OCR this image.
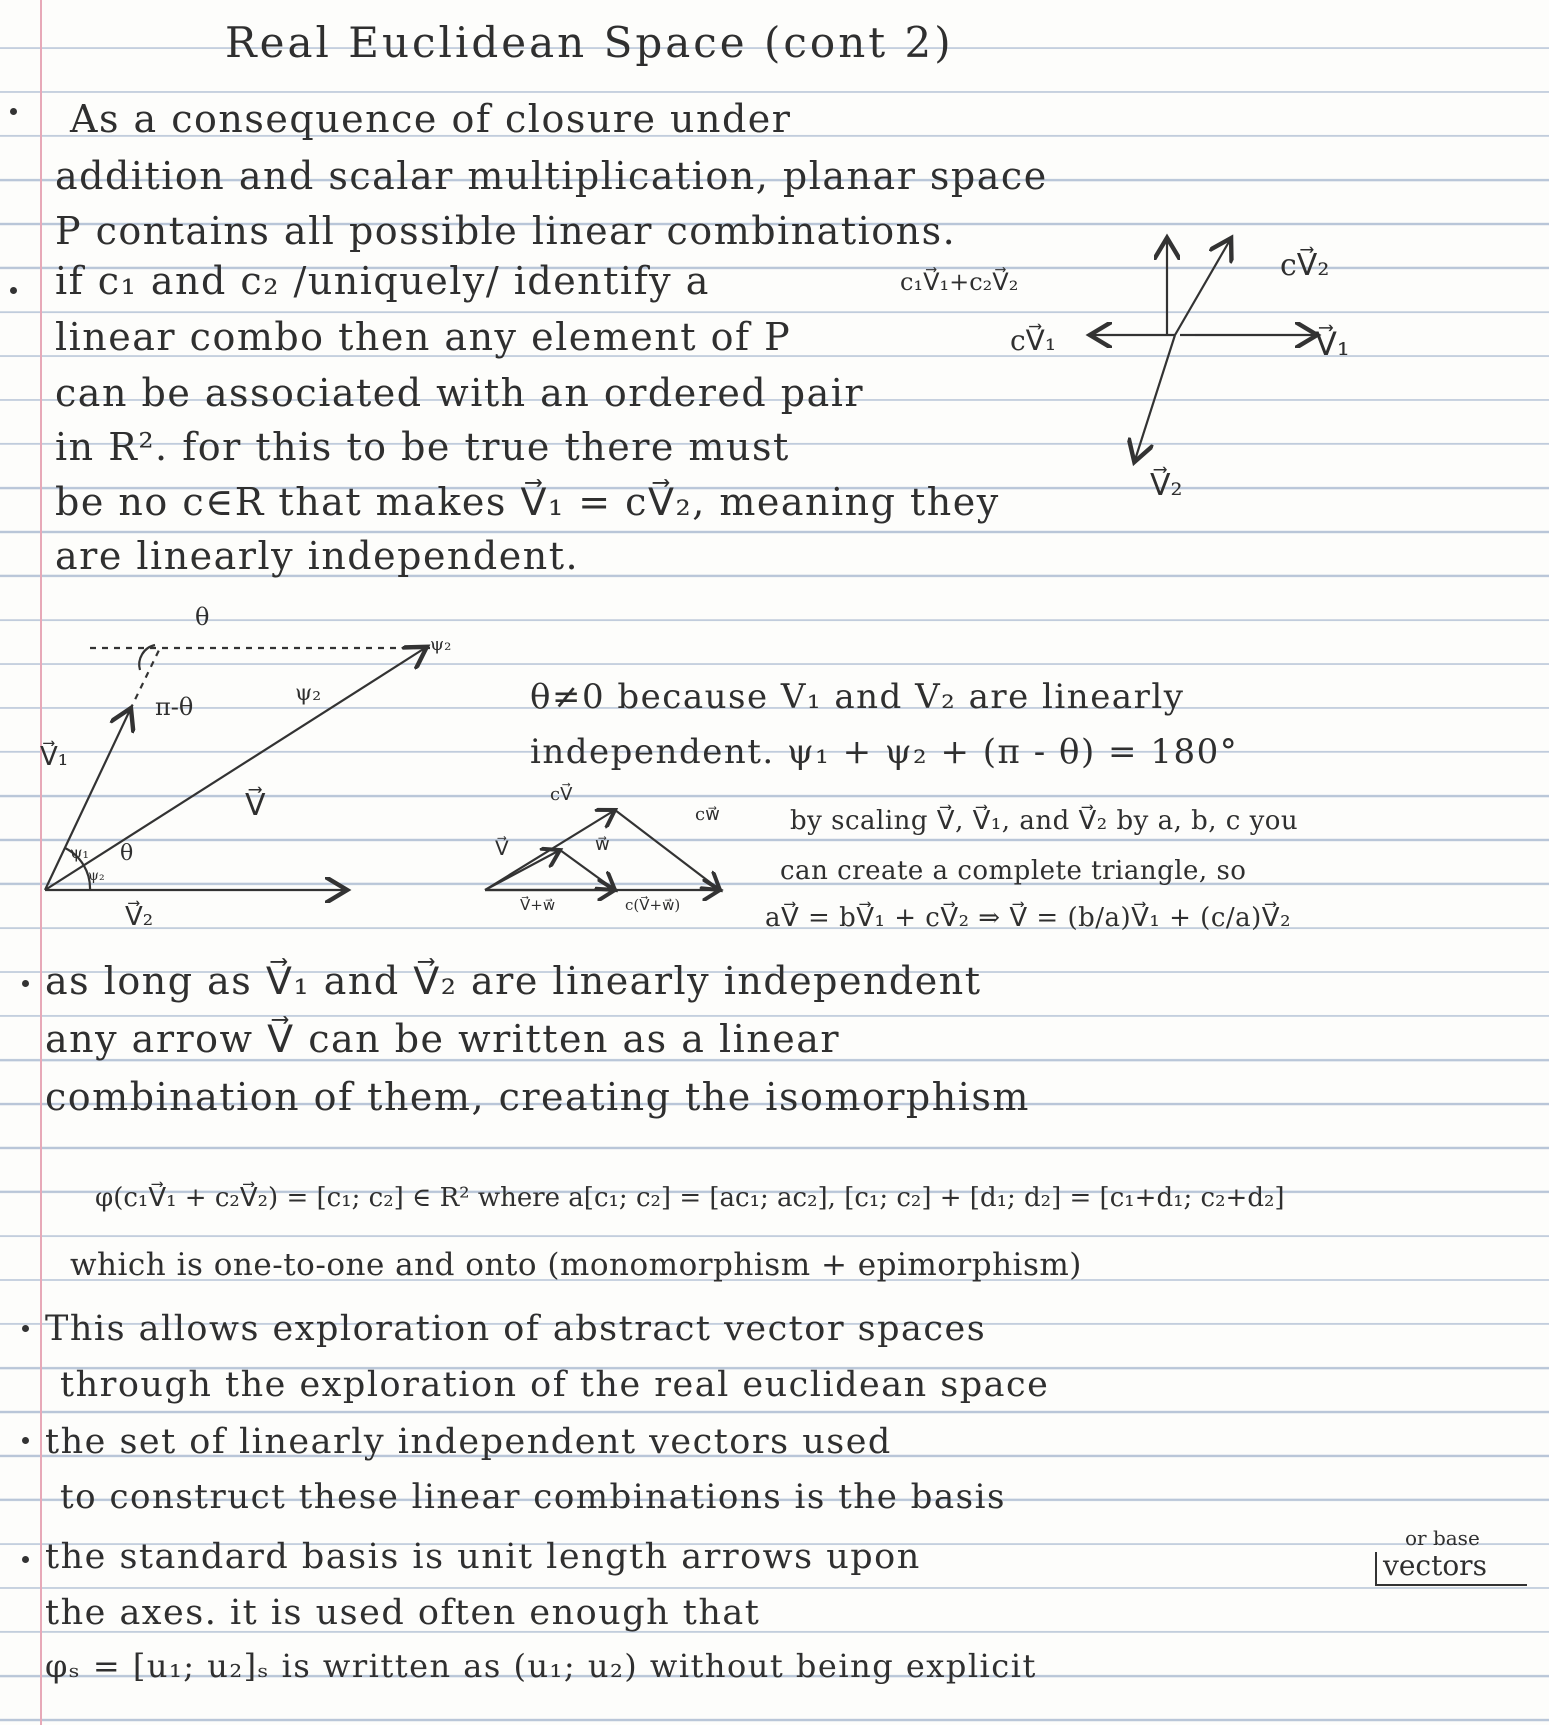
Real Euclidean Space (cont 2)
As a consequence of closure under
addition and scalar multiplication, planar space
P contains all possible linear combinations.
if c₁ and c₂ /uniquely/ identify a
linear combo then any element of P
can be associated with an ordered pair
in R². for this to be true there must
be no c∈R that makes V⃗₁ = cV⃗₂, meaning they
are linearly independent.
cV⃗₂
c₁V⃗₁+c₂V⃗₂
cV⃗₁	V⃗₁
V⃗₂
θ
ψ₂
π-θ	ψ₂
V⃗₁
V⃗
ψ₁
ψ₂
θ
V⃗₂
θ≠0 because V₁ and V₂ are linearly
independent. ψ₁ + ψ₂ + (π - θ) = 180°
cV⃗
V⃗	w⃗
cw⃗
V⃗+w⃗	c(V⃗+w⃗)
by scaling V⃗, V⃗₁, and V⃗₂ by a, b, c you
can create a complete triangle, so
aV⃗ = bV⃗₁ + cV⃗₂ ⇒ V⃗ = (b/a)V⃗₁ + (c/a)V⃗₂
as long as V⃗₁ and V⃗₂ are linearly independent
any arrow V⃗ can be written as a linear
combination of them, creating the isomorphism
φ(c₁V⃗₁ + c₂V⃗₂) = [c₁; c₂] ∈ R² where a[c₁; c₂] = [ac₁; ac₂], [c₁; c₂] + [d₁; d₂] = [c₁+d₁; c₂+d₂]
which is one-to-one and onto (monomorphism + epimorphism)
This allows exploration of abstract vector spaces
through the exploration of the real euclidean space
the set of linearly independent vectors used
to construct these linear combinations is the basis
or base
vectors
the standard basis is unit length arrows upon
the axes. it is used often enough that
φₛ = [u₁; u₂]ₛ is written as (u₁; u₂) without being explicit
